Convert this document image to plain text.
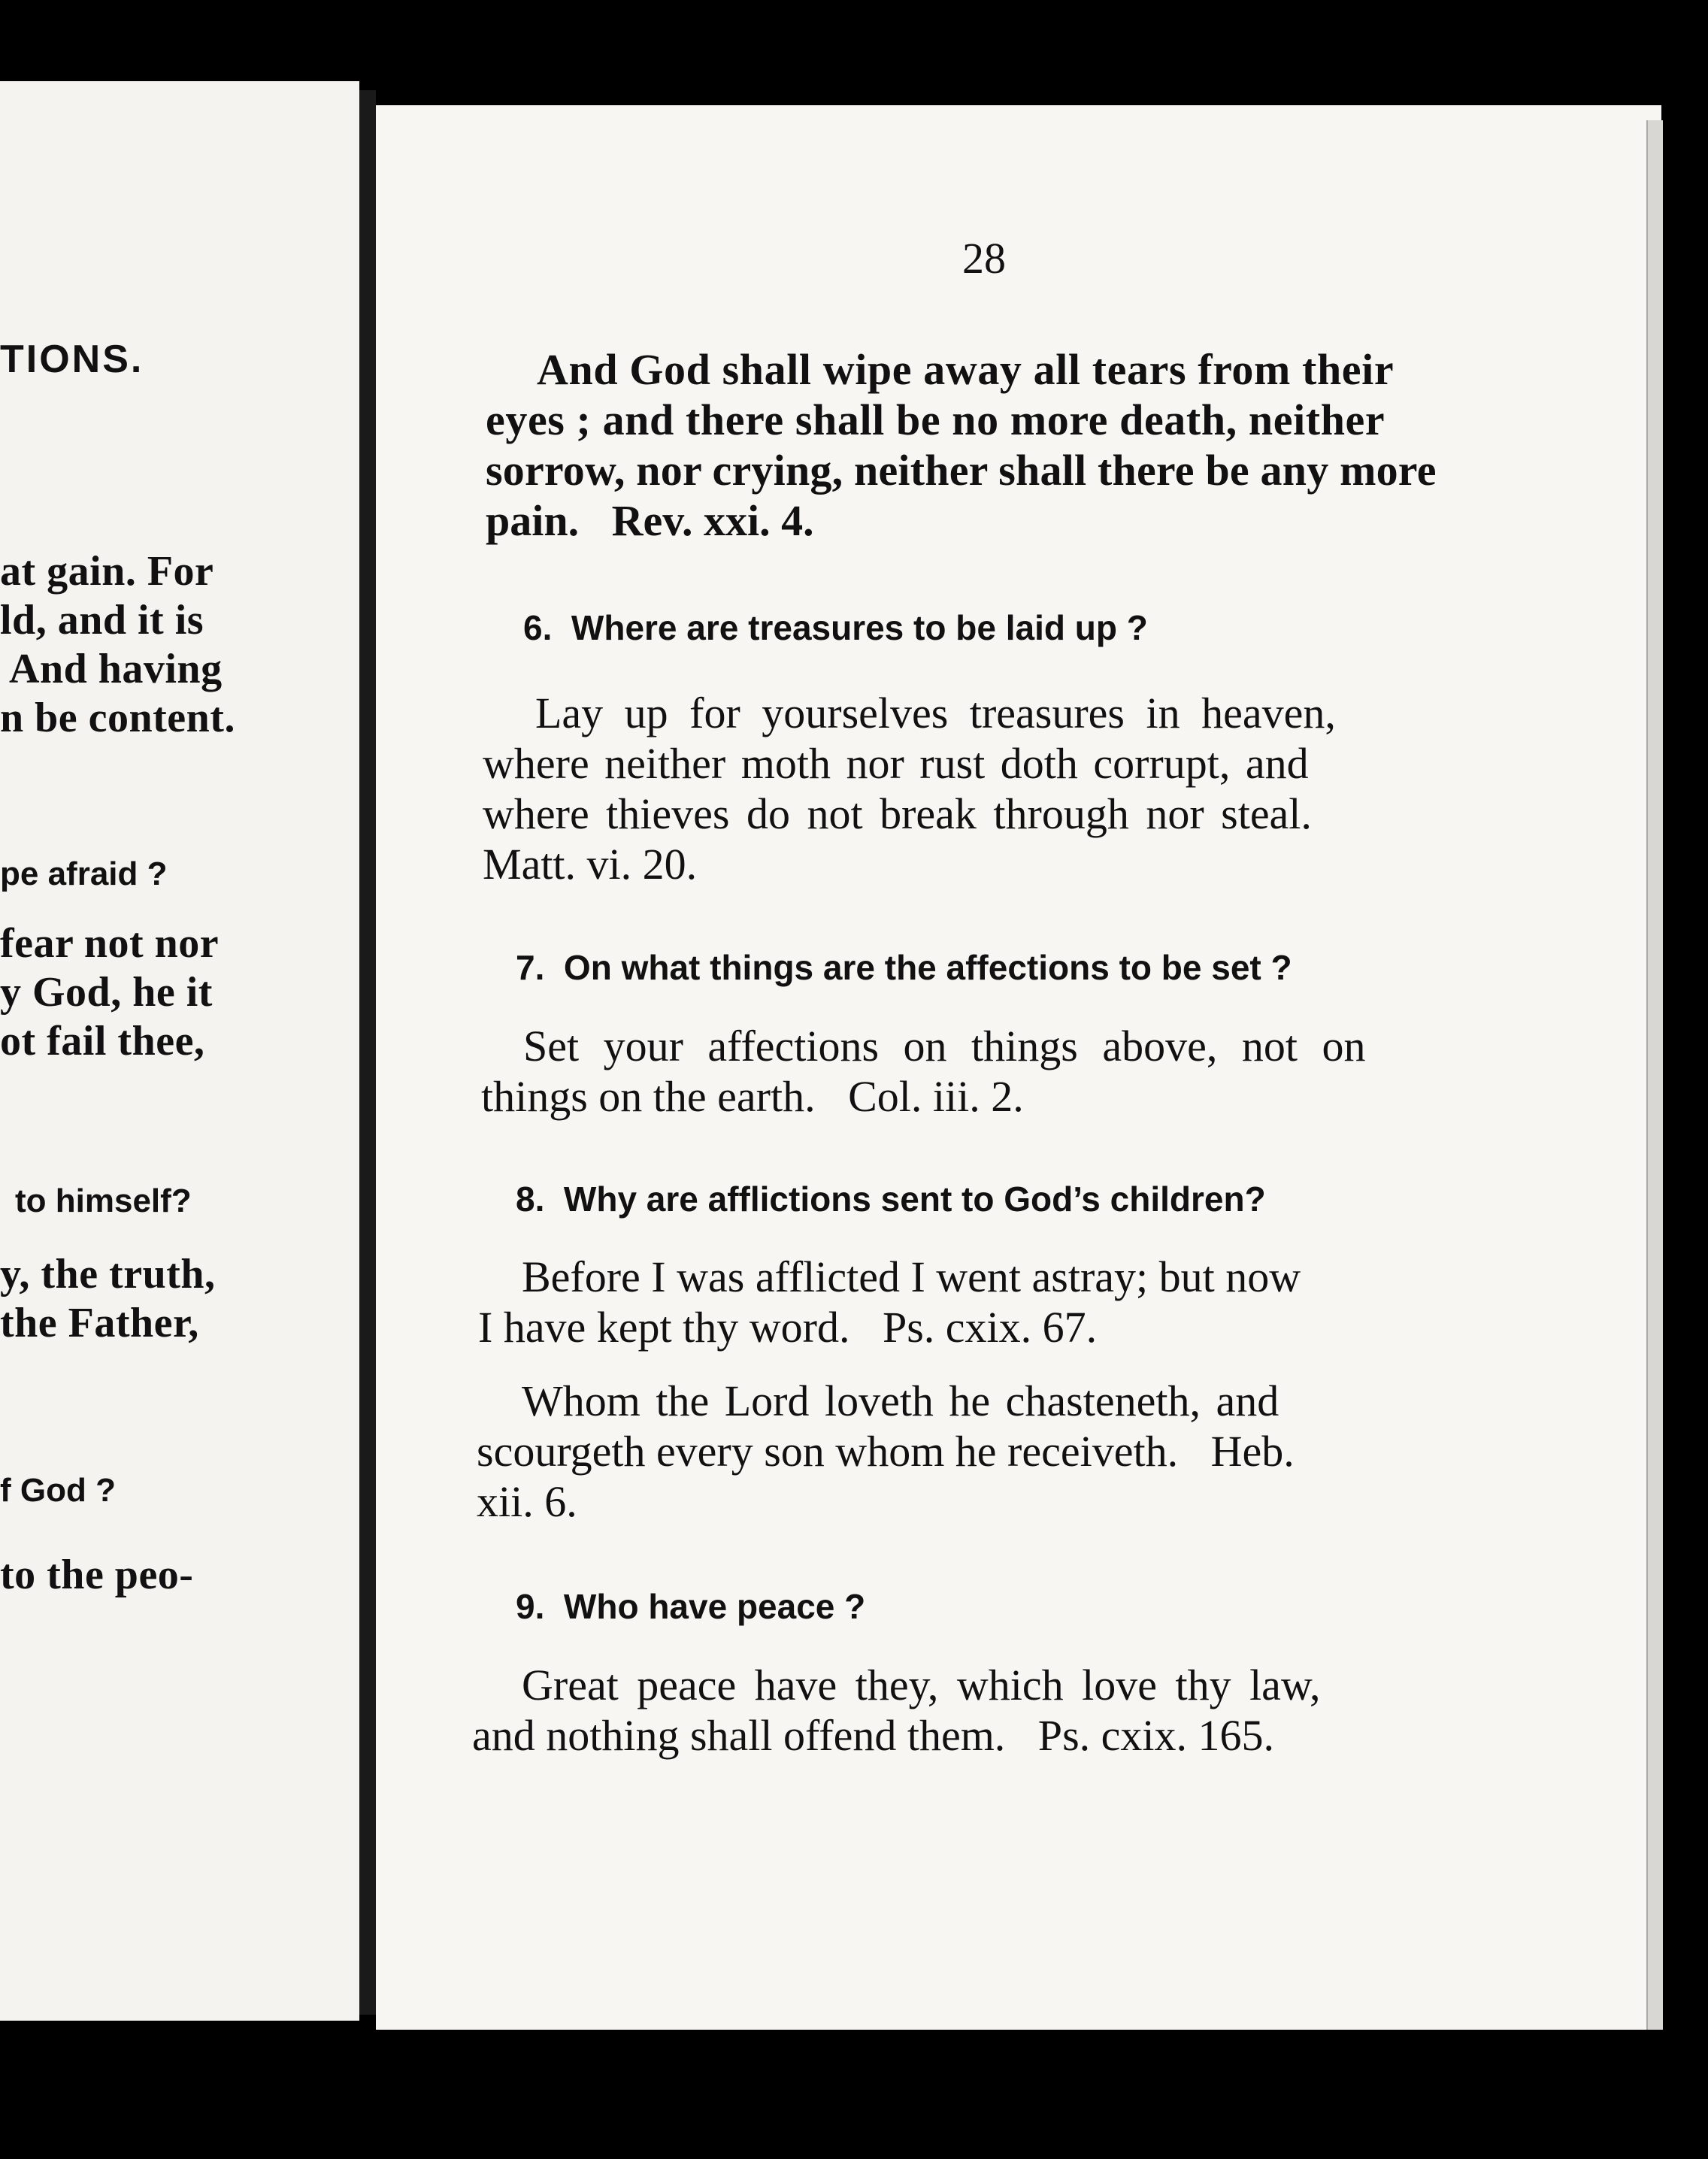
TIONS.
at gain. For
ld, and it is
And having
n be content.
pe afraid ?
fear not nor
y God, he it
ot fail thee,
to himself?
y, the truth,
the Father,
f God ?
to the peo-

28
And God shall wipe away all tears from their
eyes ; and there shall be no more death, neither
sorrow, nor crying, neither shall there be any more
pain.   Rev. xxi. 4.
6.  Where are treasures to be laid up ?
Lay up for yourselves treasures in heaven,
where neither moth nor rust doth corrupt, and
where thieves do not break through nor steal.
Matt. vi. 20.
7.  On what things are the affections to be set ?
Set your affections on things above, not on
things on the earth.   Col. iii. 2.
8.  Why are afflictions sent to God’s children?
Before I was afflicted I went astray; but now
I have kept thy word.   Ps. cxix. 67.
Whom the Lord loveth he chasteneth, and
scourgeth every son whom he receiveth.   Heb.
xii. 6.
9.  Who have peace ?
Great peace have they, which love thy law,
and nothing shall offend them.   Ps. cxix. 165.
